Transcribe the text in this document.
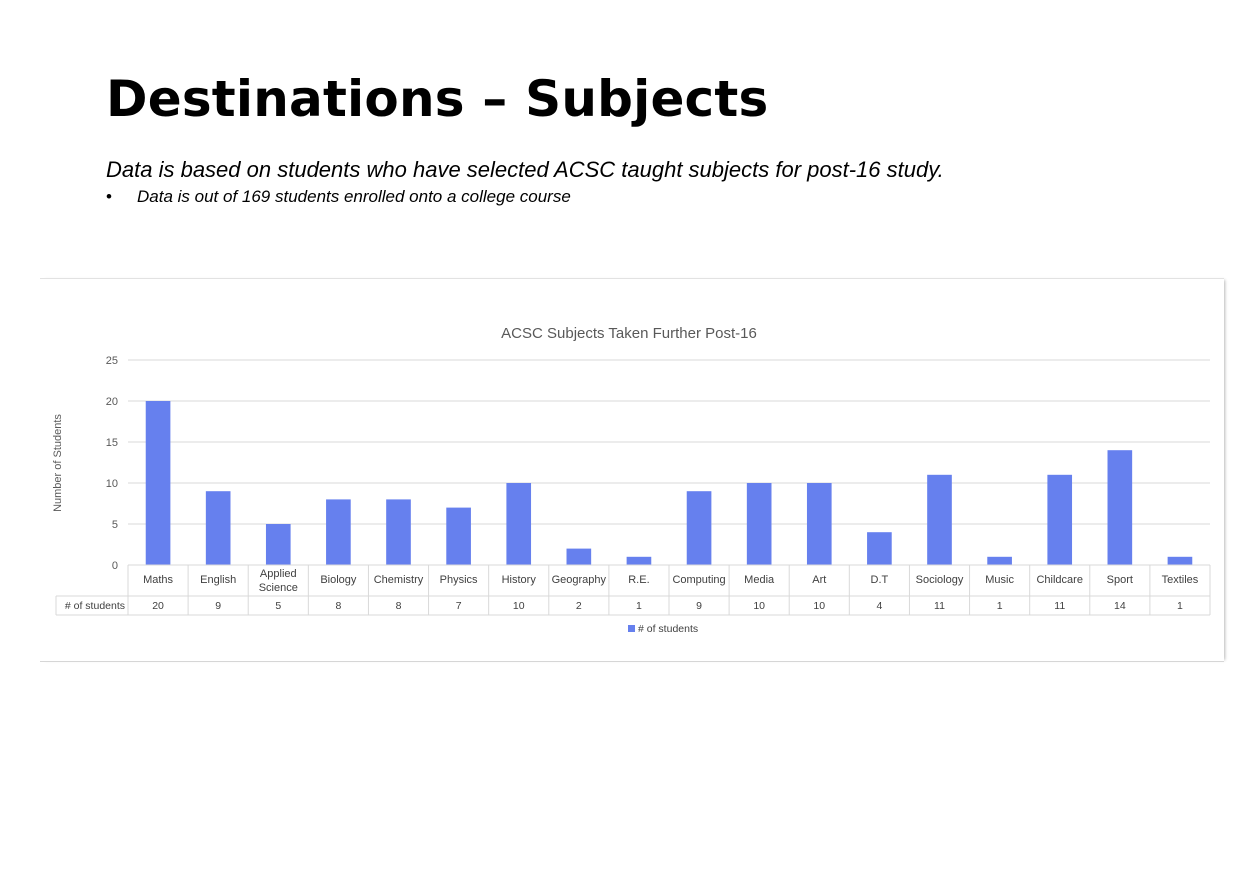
Destinations – Subjects
Data is based on students who have selected ACSC taught subjects for post-16 study.
• Data is out of 169 students enrolled onto a college course
ACSC Subjects Taken Further Post-16
Number of Students
0
5
10
15
20
25
# of students
Maths
20
English
9
Applied
Science
5
Biology
8
Chemistry
8
Physics
7
History
10
Geography
2
R.E.
1
Computing
9
Media
10
Art
10
D.T
4
Sociology
11
Music
1
Childcare
11
Sport
14
Textiles
1
# of students
